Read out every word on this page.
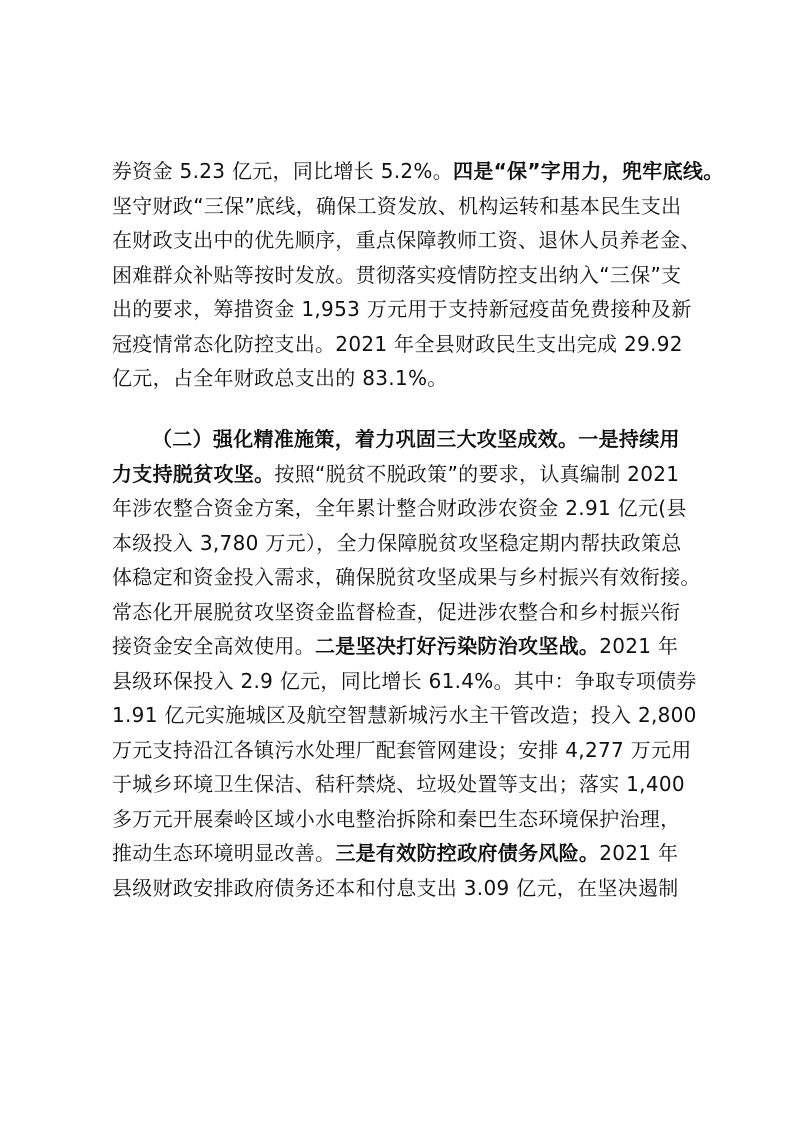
券资金 5.23 亿元，同比增长 5.2%。四是“保”字用力，兜牢底线。
坚守财政“三保”底线，确保工资发放、机构运转和基本民生支出
在财政支出中的优先顺序，重点保障教师工资、退休人员养老金、
困难群众补贴等按时发放。贯彻落实疫情防控支出纳入“三保”支
出的要求，筹措资金 1,953 万元用于支持新冠疫苗免费接种及新
冠疫情常态化防控支出。2021 年全县财政民生支出完成 29.92
亿元，占全年财政总支出的 83.1%。
（二）强化精准施策，着力巩固三大攻坚成效。一是持续用
力支持脱贫攻坚。按照“脱贫不脱政策”的要求，认真编制 2021
年涉农整合资金方案，全年累计整合财政涉农资金 2.91 亿元(县
本级投入 3,780 万元），全力保障脱贫攻坚稳定期内帮扶政策总
体稳定和资金投入需求，确保脱贫攻坚成果与乡村振兴有效衔接。
常态化开展脱贫攻坚资金监督检查，促进涉农整合和乡村振兴衔
接资金安全高效使用。二是坚决打好污染防治攻坚战。2021 年
县级环保投入 2.9 亿元，同比增长 61.4%。其中：争取专项债券
1.91 亿元实施城区及航空智慧新城污水主干管改造；投入 2,800
万元支持沿江各镇污水处理厂配套管网建设；安排 4,277 万元用
于城乡环境卫生保洁、秸秆禁烧、垃圾处置等支出；落实 1,400
多万元开展秦岭区域小水电整治拆除和秦巴生态环境保护治理，
推动生态环境明显改善。三是有效防控政府债务风险。2021 年
县级财政安排政府债务还本和付息支出 3.09 亿元，在坚决遏制
